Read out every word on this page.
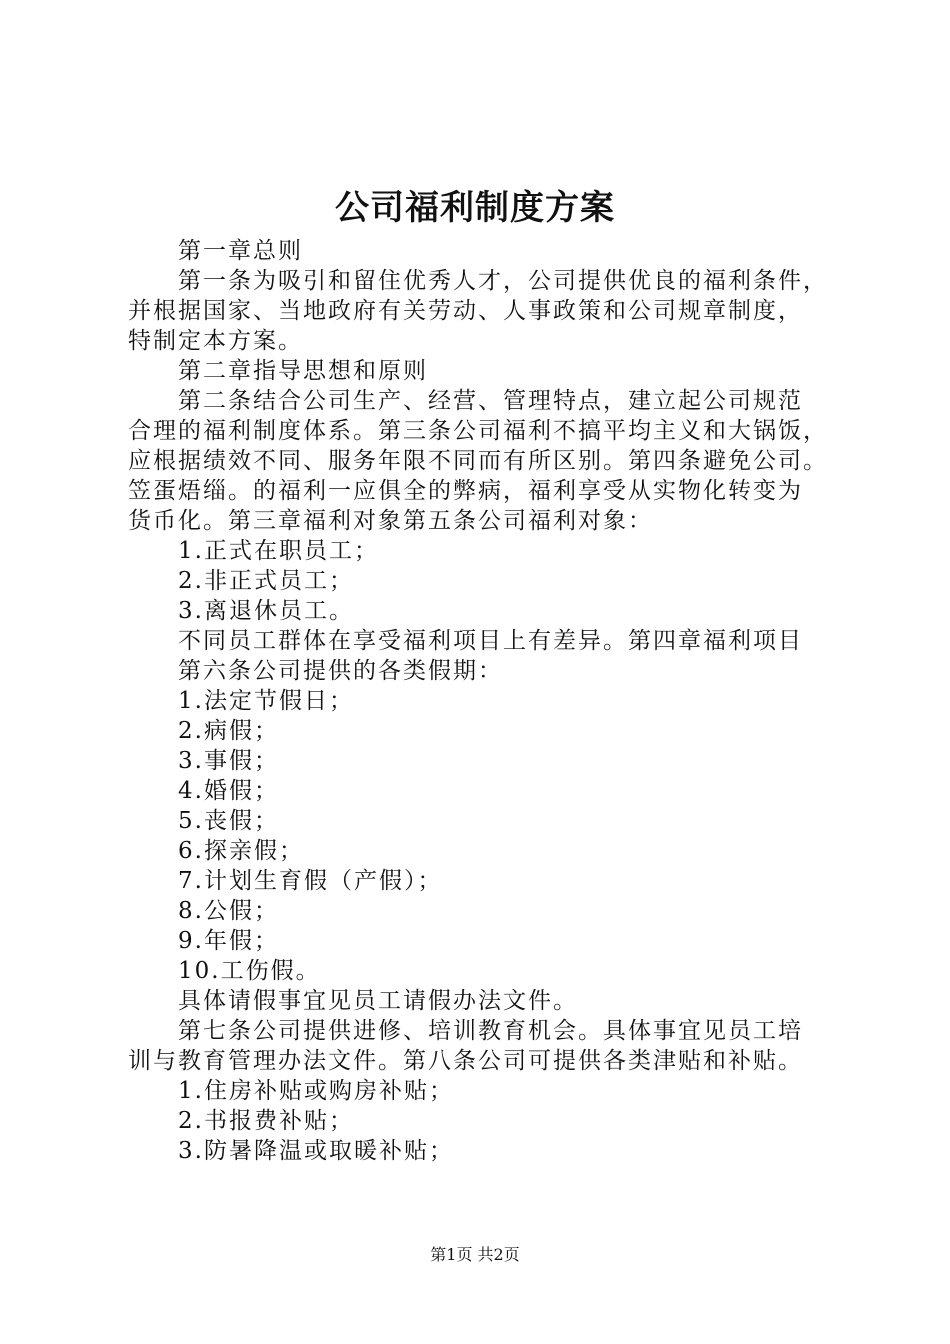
公司福利制度方案
第一章总则
第一条为吸引和留住优秀人才，公司提供优良的福利条件，
并根据国家、当地政府有关劳动、人事政策和公司规章制度，
特制定本方案。
第二章指导思想和原则
第二条结合公司生产、经营、管理特点，建立起公司规范
合理的福利制度体系。第三条公司福利不搞平均主义和大锅饭，
应根据绩效不同、服务年限不同而有所区别。第四条避免公司。
笠蛋焐缁。的福利一应俱全的弊病，福利享受从实物化转变为
货币化。第三章福利对象第五条公司福利对象：
1.正式在职员工；
2.非正式员工；
3.离退休员工。
不同员工群体在享受福利项目上有差异。第四章福利项目
第六条公司提供的各类假期：
1.法定节假日；
2.病假；
3.事假；
4.婚假；
5.丧假；
6.探亲假；
7.计划生育假（产假）；
8.公假；
9.年假；
10.工伤假。
具体请假事宜见员工请假办法文件。
第七条公司提供进修、培训教育机会。具体事宜见员工培
训与教育管理办法文件。第八条公司可提供各类津贴和补贴。
1.住房补贴或购房补贴；
2.书报费补贴；
3.防暑降温或取暖补贴；
第1页 共2页
